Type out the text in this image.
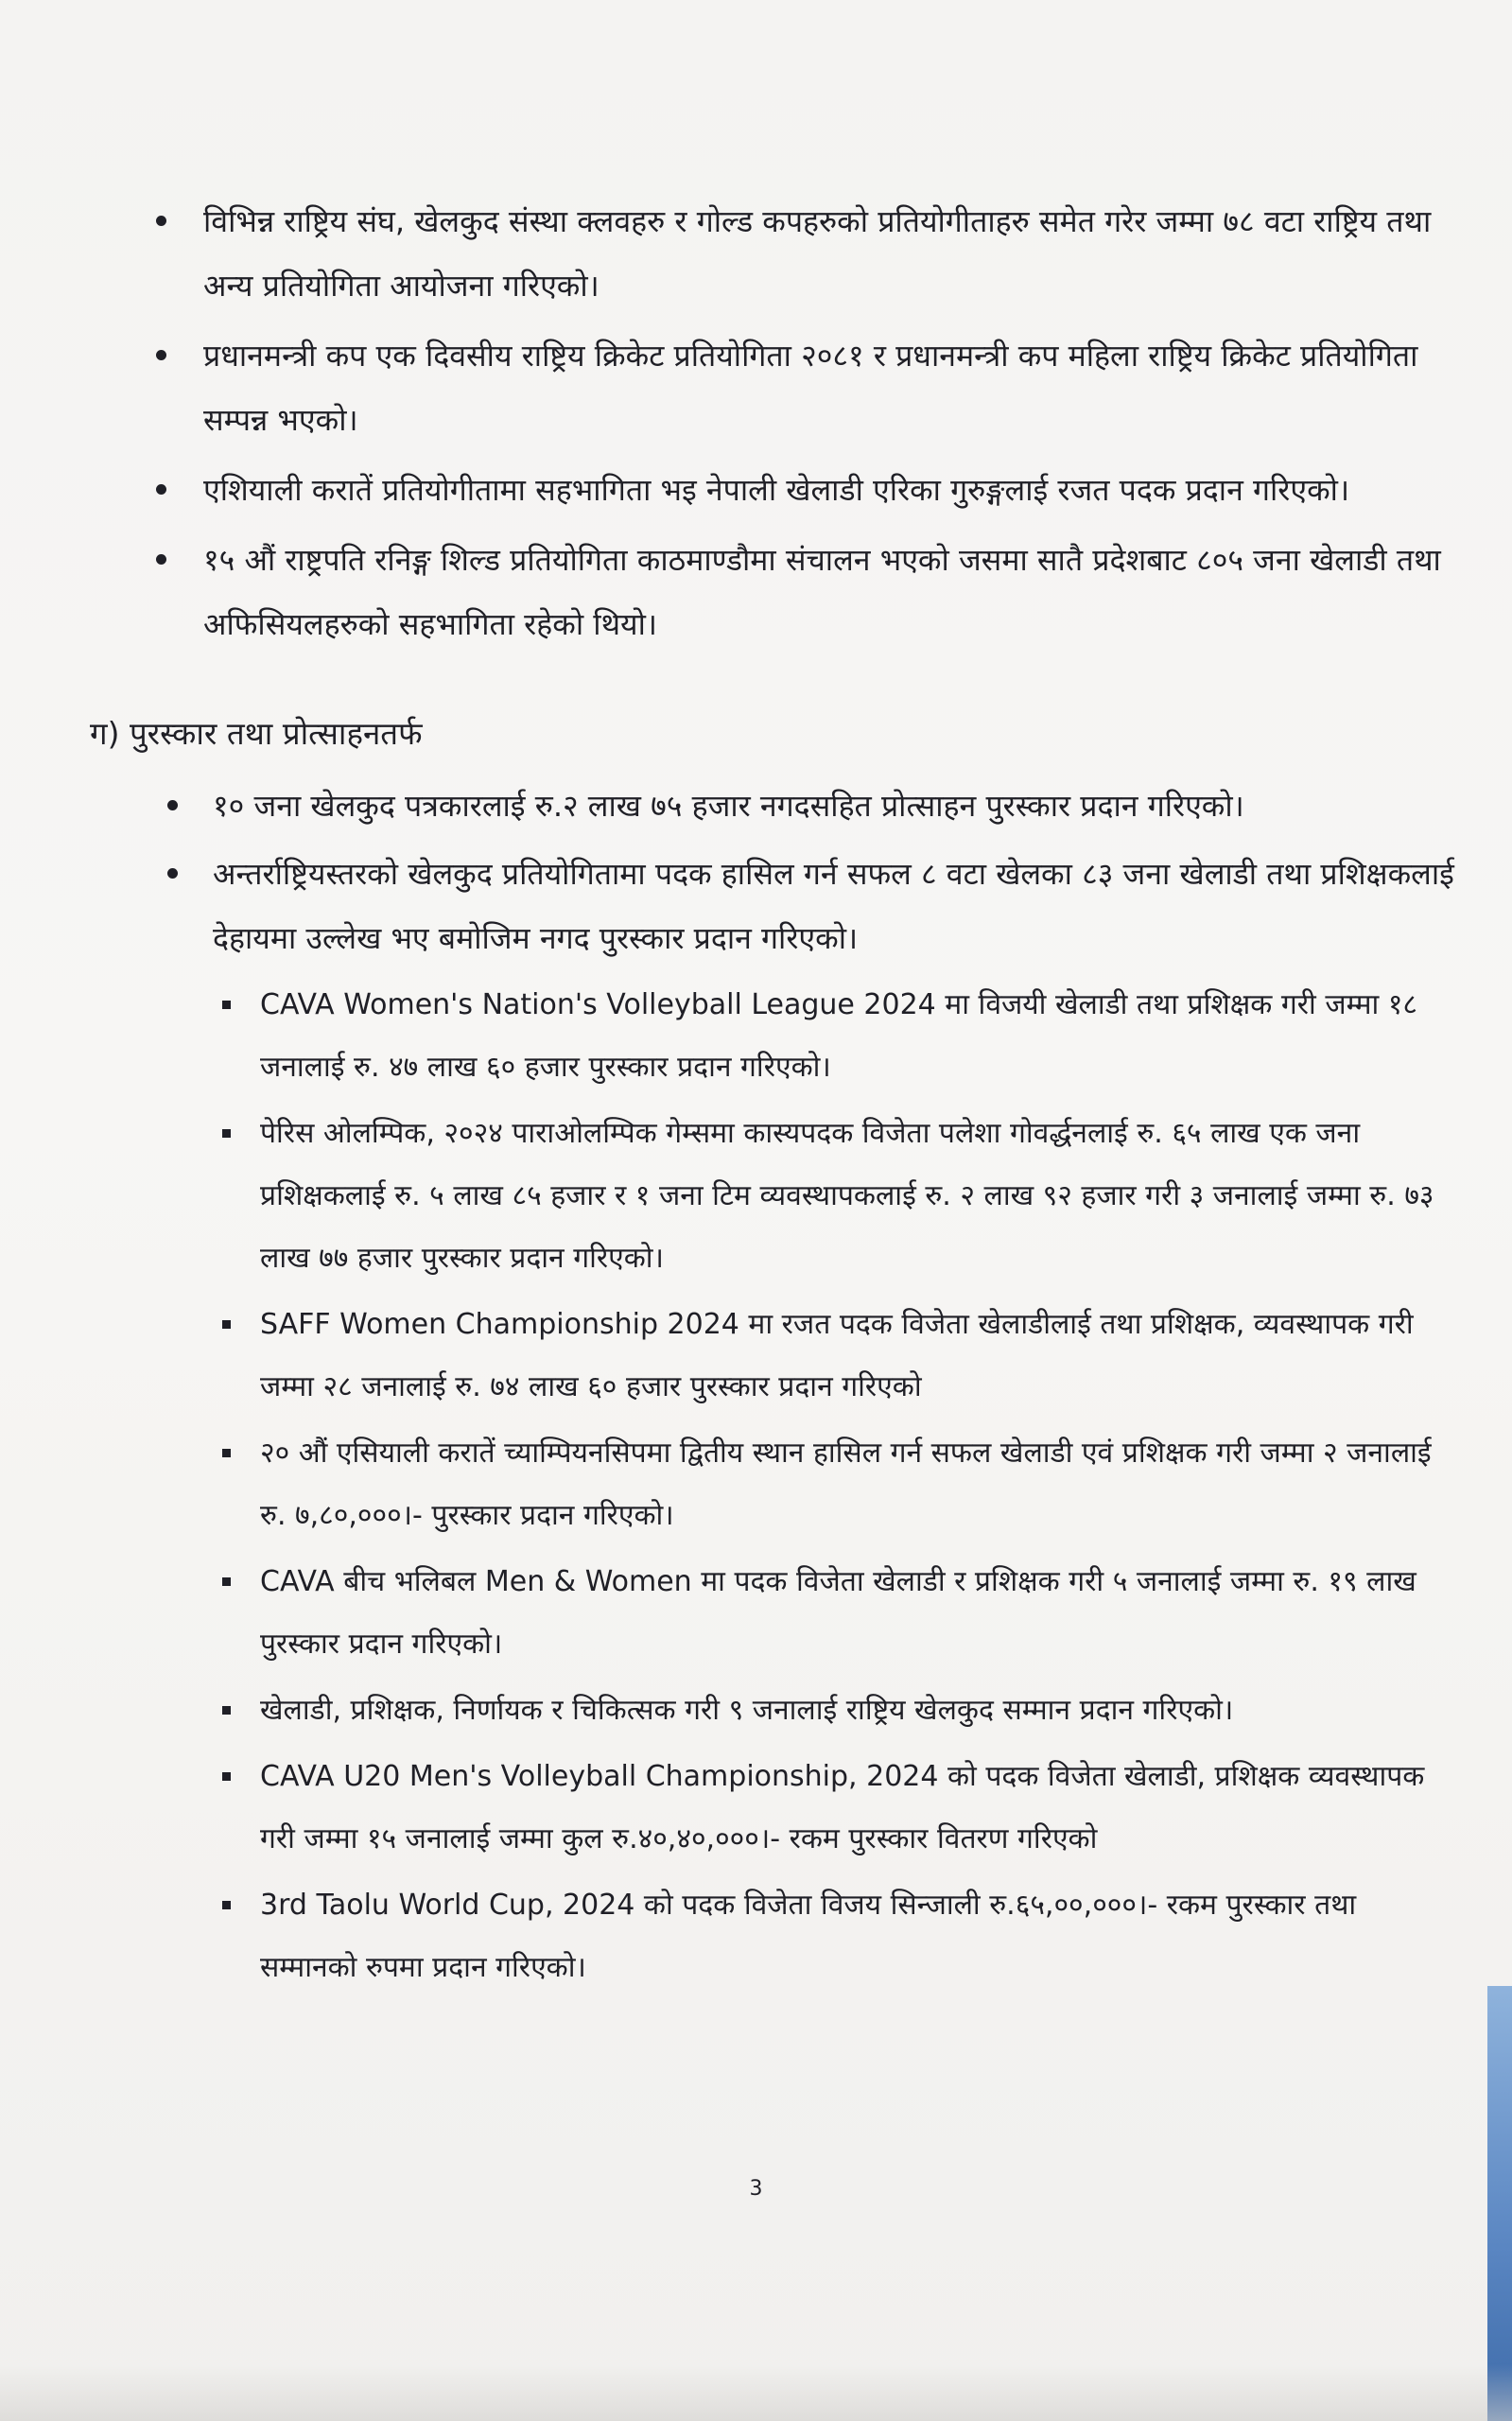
विभिन्न राष्ट्रिय संघ, खेलकुद संस्था क्लवहरु र गोल्ड कपहरुको प्रतियोगीताहरु समेत गरेर जम्मा ७८ वटा राष्ट्रिय तथा अन्य प्रतियोगिता आयोजना गरिएको।
प्रधानमन्त्री कप एक दिवसीय राष्ट्रिय क्रिकेट प्रतियोगिता २०८१ र प्रधानमन्त्री कप महिला राष्ट्रिय क्रिकेट प्रतियोगिता सम्पन्न भएको।
एशियाली करातें प्रतियोगीतामा सहभागिता भइ नेपाली खेलाडी एरिका गुरुङ्गलाई रजत पदक प्रदान गरिएको।
१५ औं राष्ट्रपति रनिङ्ग शिल्ड प्रतियोगिता काठमाण्डौमा संचालन भएको जसमा सातै प्रदेशबाट ८०५ जना खेलाडी तथा अफिसियलहरुको सहभागिता रहेको थियो।
ग) पुरस्कार तथा प्रोत्साहनतर्फ
१० जना खेलकुद पत्रकारलाई रु.२ लाख ७५ हजार नगदसहित प्रोत्साहन पुरस्कार प्रदान गरिएको।
अन्तर्राष्ट्रियस्तरको खेलकुद प्रतियोगितामा पदक हासिल गर्न सफल ८ वटा खेलका ८३ जना खेलाडी तथा प्रशिक्षकलाई देहायमा उल्लेख भए बमोजिम नगद पुरस्कार प्रदान गरिएको।
CAVA Women's Nation's Volleyball League 2024 मा विजयी खेलाडी तथा प्रशिक्षक गरी जम्मा १८ जनालाई रु. ४७ लाख ६० हजार पुरस्कार प्रदान गरिएको।
पेरिस ओलम्पिक, २०२४ पाराओलम्पिक गेम्समा कास्यपदक विजेता पलेशा गोवर्द्धनलाई रु. ६५ लाख एक जना प्रशिक्षकलाई रु. ५ लाख ८५ हजार र १ जना टिम व्यवस्थापकलाई रु. २ लाख ९२ हजार गरी ३ जनालाई जम्मा रु. ७३ लाख ७७ हजार पुरस्कार प्रदान गरिएको।
SAFF Women Championship 2024 मा रजत पदक विजेता खेलाडीलाई तथा प्रशिक्षक, व्यवस्थापक गरी जम्मा २८ जनालाई रु. ७४ लाख ६० हजार पुरस्कार प्रदान गरिएको
२० औं एसियाली करातें च्याम्पियनसिपमा द्वितीय स्थान हासिल गर्न सफल खेलाडी एवं प्रशिक्षक गरी जम्मा २ जनालाई रु. ७,८०,०००।- पुरस्कार प्रदान गरिएको।
CAVA बीच भलिबल Men & Women मा पदक विजेता खेलाडी र प्रशिक्षक गरी ५ जनालाई जम्मा रु. १९ लाख पुरस्कार प्रदान गरिएको।
खेलाडी, प्रशिक्षक, निर्णायक र चिकित्सक गरी ९ जनालाई राष्ट्रिय खेलकुद सम्मान प्रदान गरिएको।
CAVA U20 Men's Volleyball Championship, 2024 को पदक विजेता खेलाडी, प्रशिक्षक व्यवस्थापक गरी जम्मा १५ जनालाई जम्मा कुल रु.४०,४०,०००।- रकम पुरस्कार वितरण गरिएको
3rd Taolu World Cup, 2024 को पदक विजेता विजय सिन्जाली रु.६५,००,०००।- रकम पुरस्कार तथा सम्मानको रुपमा प्रदान गरिएको।
3
